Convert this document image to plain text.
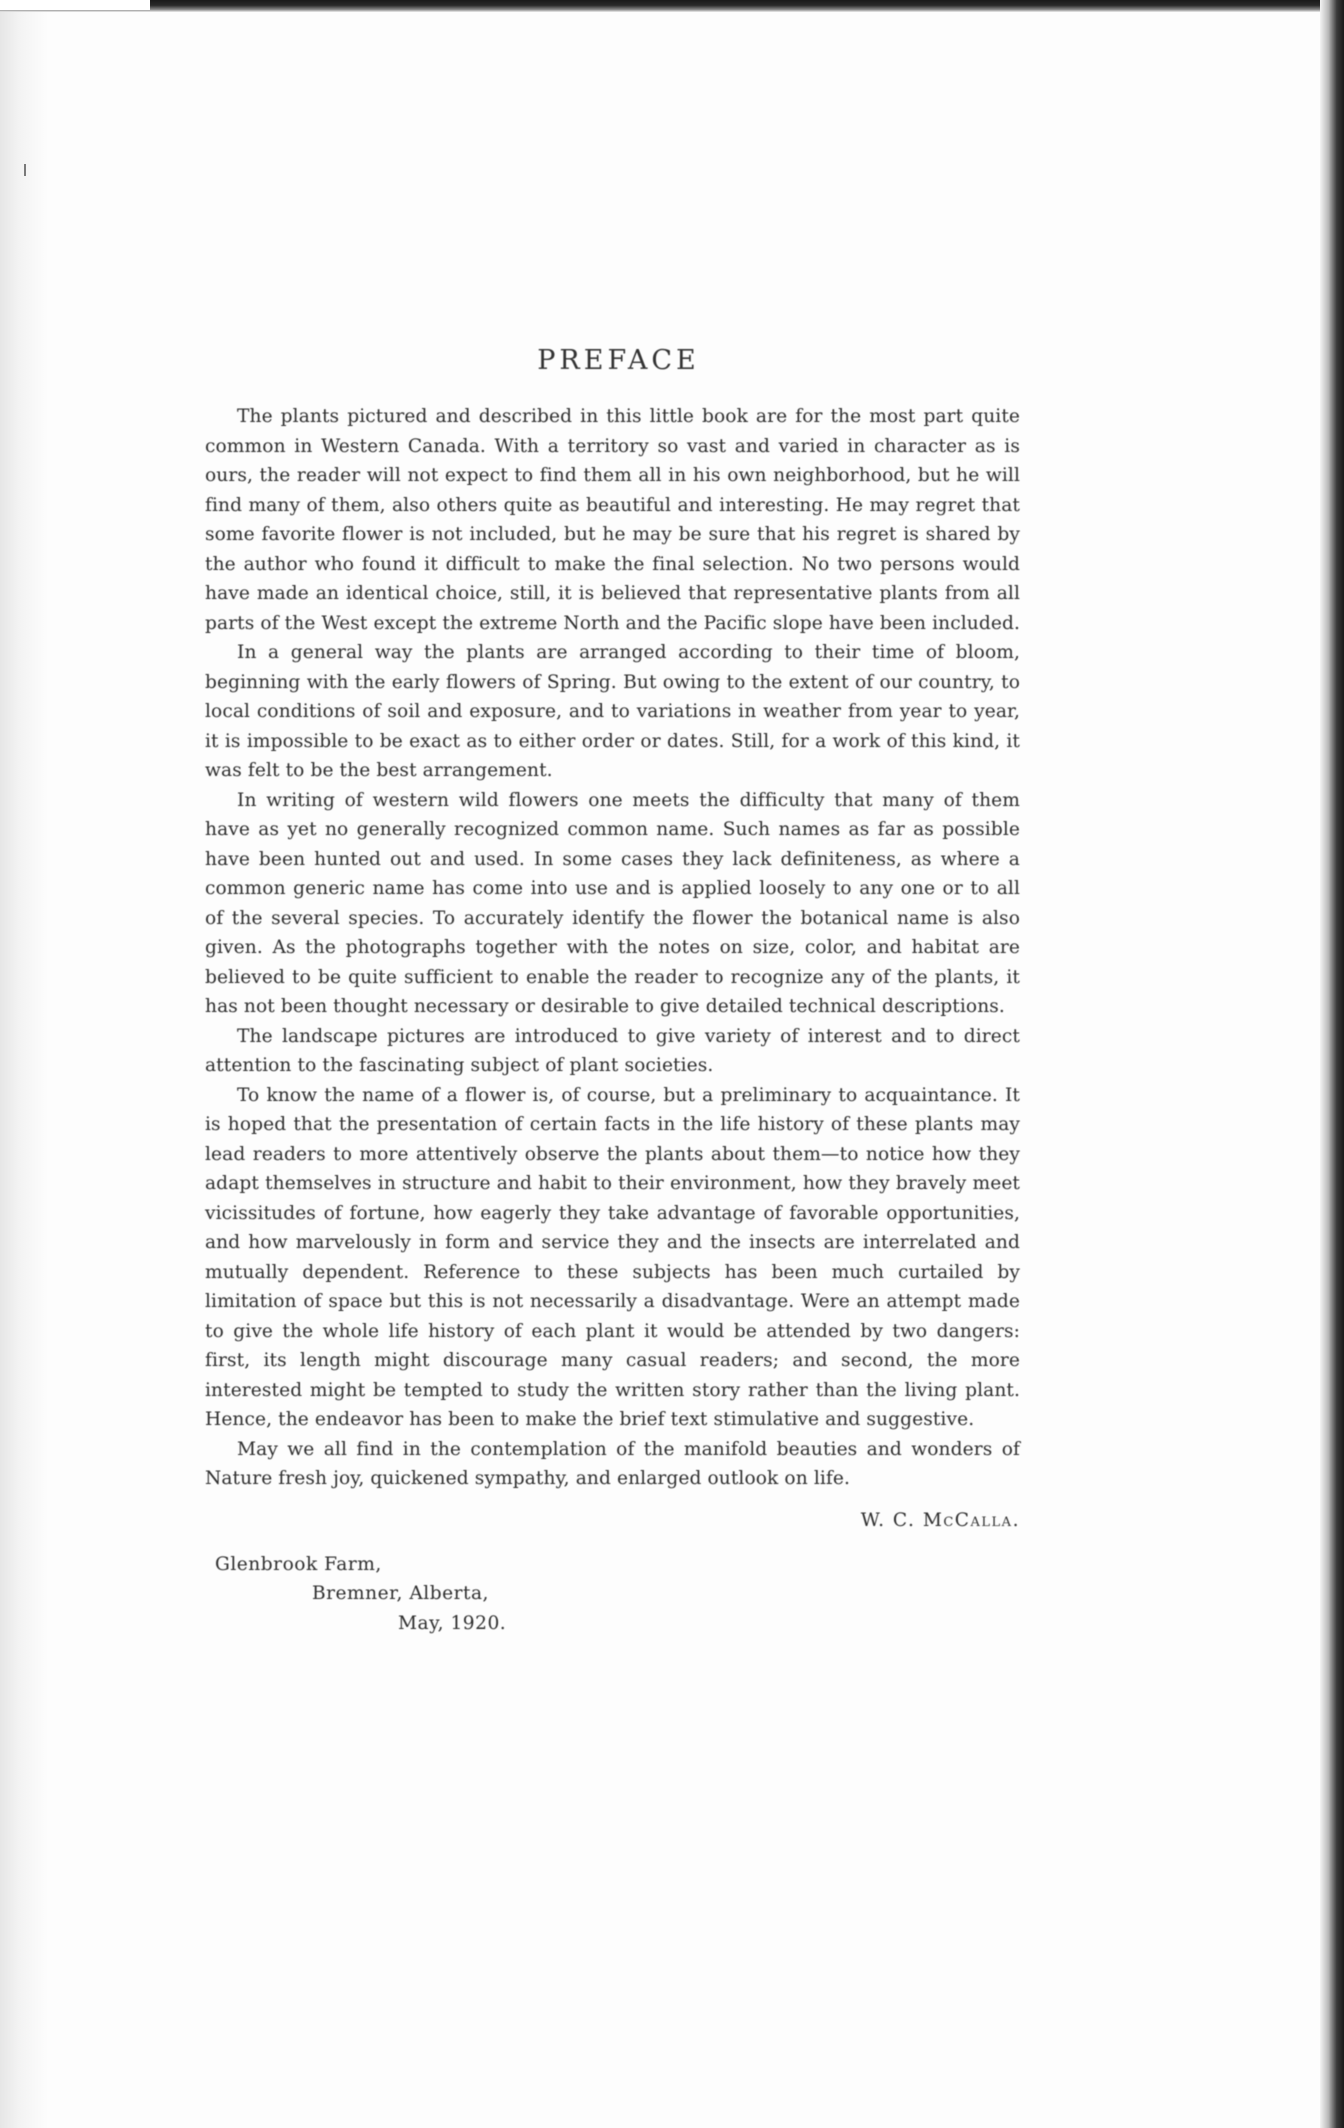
PREFACE

The plants pictured and described in this little book are for the most part quite common in Western Canada. With a territory so vast and varied in character as is ours, the reader will not expect to find them all in his own neighborhood, but he will find many of them, also others quite as beautiful and interesting. He may regret that some favorite flower is not included, but he may be sure that his regret is shared by the author who found it difficult to make the final selection. No two persons would have made an identical choice, still, it is believed that representative plants from all parts of the West except the extreme North and the Pacific slope have been included.

In a general way the plants are arranged according to their time of bloom, beginning with the early flowers of Spring. But owing to the extent of our country, to local conditions of soil and exposure, and to variations in weather from year to year, it is impossible to be exact as to either order or dates. Still, for a work of this kind, it was felt to be the best arrangement.

In writing of western wild flowers one meets the difficulty that many of them have as yet no generally recognized common name. Such names as far as possible have been hunted out and used. In some cases they lack definiteness, as where a common generic name has come into use and is applied loosely to any one or to all of the several species. To accurately identify the flower the botanical name is also given. As the photographs together with the notes on size, color, and habitat are believed to be quite sufficient to enable the reader to recognize any of the plants, it has not been thought necessary or desirable to give detailed technical descriptions.

The landscape pictures are introduced to give variety of interest and to direct attention to the fascinating subject of plant societies.

To know the name of a flower is, of course, but a preliminary to acquaintance. It is hoped that the presentation of certain facts in the life history of these plants may lead readers to more attentively observe the plants about them—to notice how they adapt themselves in structure and habit to their environment, how they bravely meet vicissitudes of fortune, how eagerly they take advantage of favorable opportunities, and how marvelously in form and service they and the insects are interrelated and mutually dependent. Reference to these subjects has been much curtailed by limitation of space but this is not necessarily a disadvantage. Were an attempt made to give the whole life history of each plant it would be attended by two dangers: first, its length might discourage many casual readers; and second, the more interested might be tempted to study the written story rather than the living plant. Hence, the endeavor has been to make the brief text stimulative and suggestive.

May we all find in the contemplation of the manifold beauties and wonders of Nature fresh joy, quickened sympathy, and enlarged outlook on life.

W. C. McCalla.
Glenbrook Farm,
Bremner, Alberta,
May, 1920.
